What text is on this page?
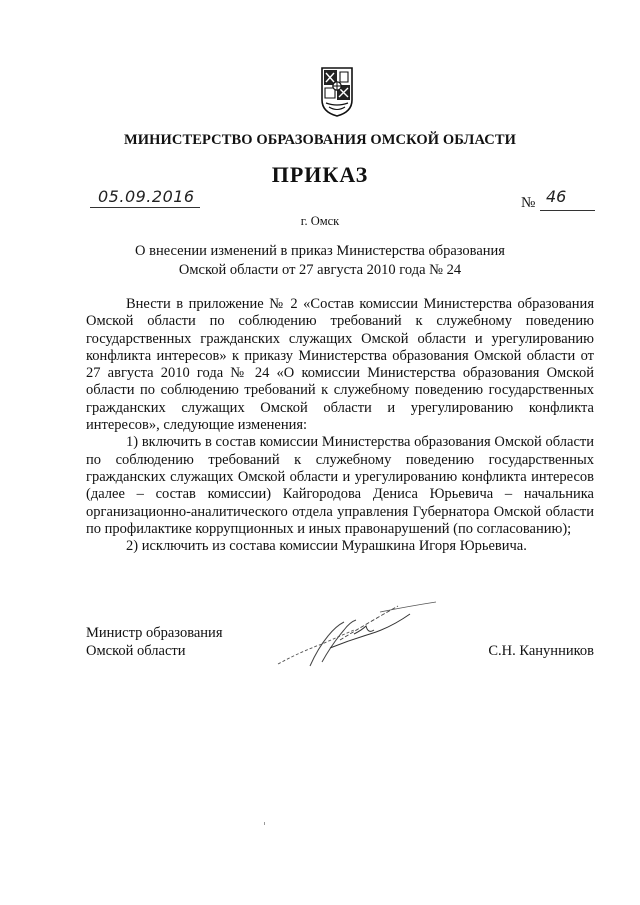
МИНИСТЕРСТВО ОБРАЗОВАНИЯ ОМСКОЙ ОБЛАСТИ
ПРИКАЗ
05.09.2016	№ 46
г. Омск
О внесении изменений в приказ Министерства образования
Омской области от 27 августа 2010 года № 24

Внести в приложение № 2 «Состав комиссии Министерства образования Омской области по соблюдению требований к служебному поведению государственных гражданских служащих Омской области и урегулированию конфликта интересов» к приказу Министерства образования Омской области от 27 августа 2010 года № 24 «О комиссии Министерства образования Омской области по соблюдению требований к служебному поведению государственных гражданских служащих Омской области и урегулированию конфликта интересов», следующие изменения:

1) включить в состав комиссии Министерства образования Омской области по соблюдению требований к служебному поведению государственных гражданских служащих Омской области и урегулированию конфликта интересов (далее – состав комиссии) Кайгородова Дениса Юрьевича – начальника организационно-аналитического отдела управления Губернатора Омской области по профилактике коррупционных и иных правонарушений (по согласованию);

2) исключить из состава комиссии Мурашкина Игоря Юрьевича.

Министр образования
Омской области	С.Н. Канунников
